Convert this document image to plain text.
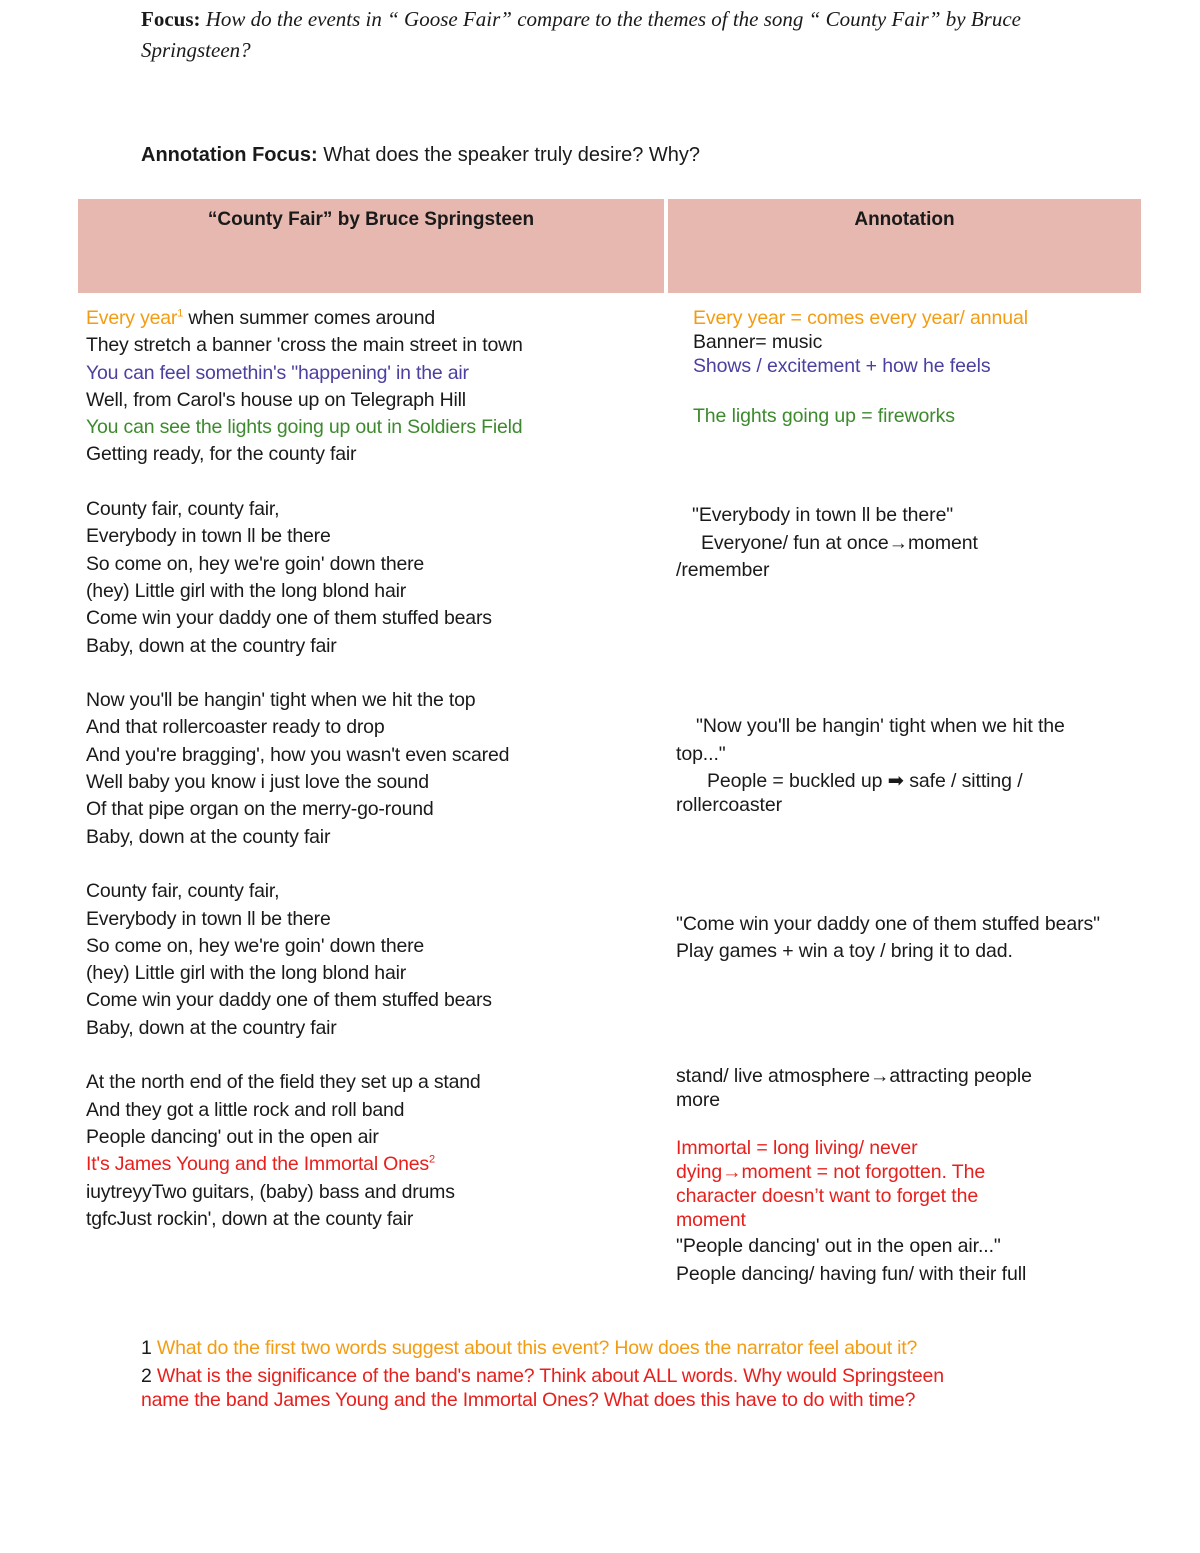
Focus: How do the events in “ Goose Fair” compare to the themes of the song “ County Fair” by Bruce Springsteen?
Annotation Focus: What does the speaker truly desire? Why?
“County Fair” by Bruce Springsteen	Annotation
Every year$^1$ when summer comes around
They stretch a banner 'cross the main street in town
You can feel somethin's "happening' in the air
Well, from Carol's house up on Telegraph Hill
You can see the lights going up out in Soldiers Field
Getting ready, for the county fair
County fair, county fair,
Everybody in town ll be there
So come on, hey we're goin' down there
(hey) Little girl with the long blond hair
Come win your daddy one of them stuffed bears
Baby, down at the country fair
Now you'll be hangin' tight when we hit the top
And that rollercoaster ready to drop
And you're bragging', how you wasn't even scared
Well baby you know i just love the sound
Of that pipe organ on the merry-go-round
Baby, down at the county fair
County fair, county fair,
Everybody in town ll be there
So come on, hey we're goin' down there
(hey) Little girl with the long blond hair
Come win your daddy one of them stuffed bears
Baby, down at the country fair
At the north end of the field they set up a stand
And they got a little rock and roll band
People dancing' out in the open air
It's James Young and the Immortal Ones$^2$
iuytreyyTwo guitars, (baby) bass and drums
tgfcJust rockin', down at the county fair
Every year = comes every year/ annual
Banner= music
Shows / excitement + how he feels
The lights going up = fireworks
"Everybody in town ll be there"
Everyone/ fun at once→moment
/remember
"Now you'll be hangin' tight when we hit the
top..."
People = buckled up ➡ safe / sitting /
rollercoaster
"Come win your daddy one of them stuffed bears"
Play games + win a toy / bring it to dad.
stand/ live atmosphere→attracting people
more
Immortal = long living/ never
dying→moment = not forgotten. The
character doesn’t want to forget the
moment
"People dancing' out in the open air..."
People dancing/ having fun/ with their full
1 What do the first two words suggest about this event? How does the narrator feel about it?
2 What is the significance of the band's name? Think about ALL words. Why would Springsteen
name the band James Young and the Immortal Ones? What does this have to do with time?
